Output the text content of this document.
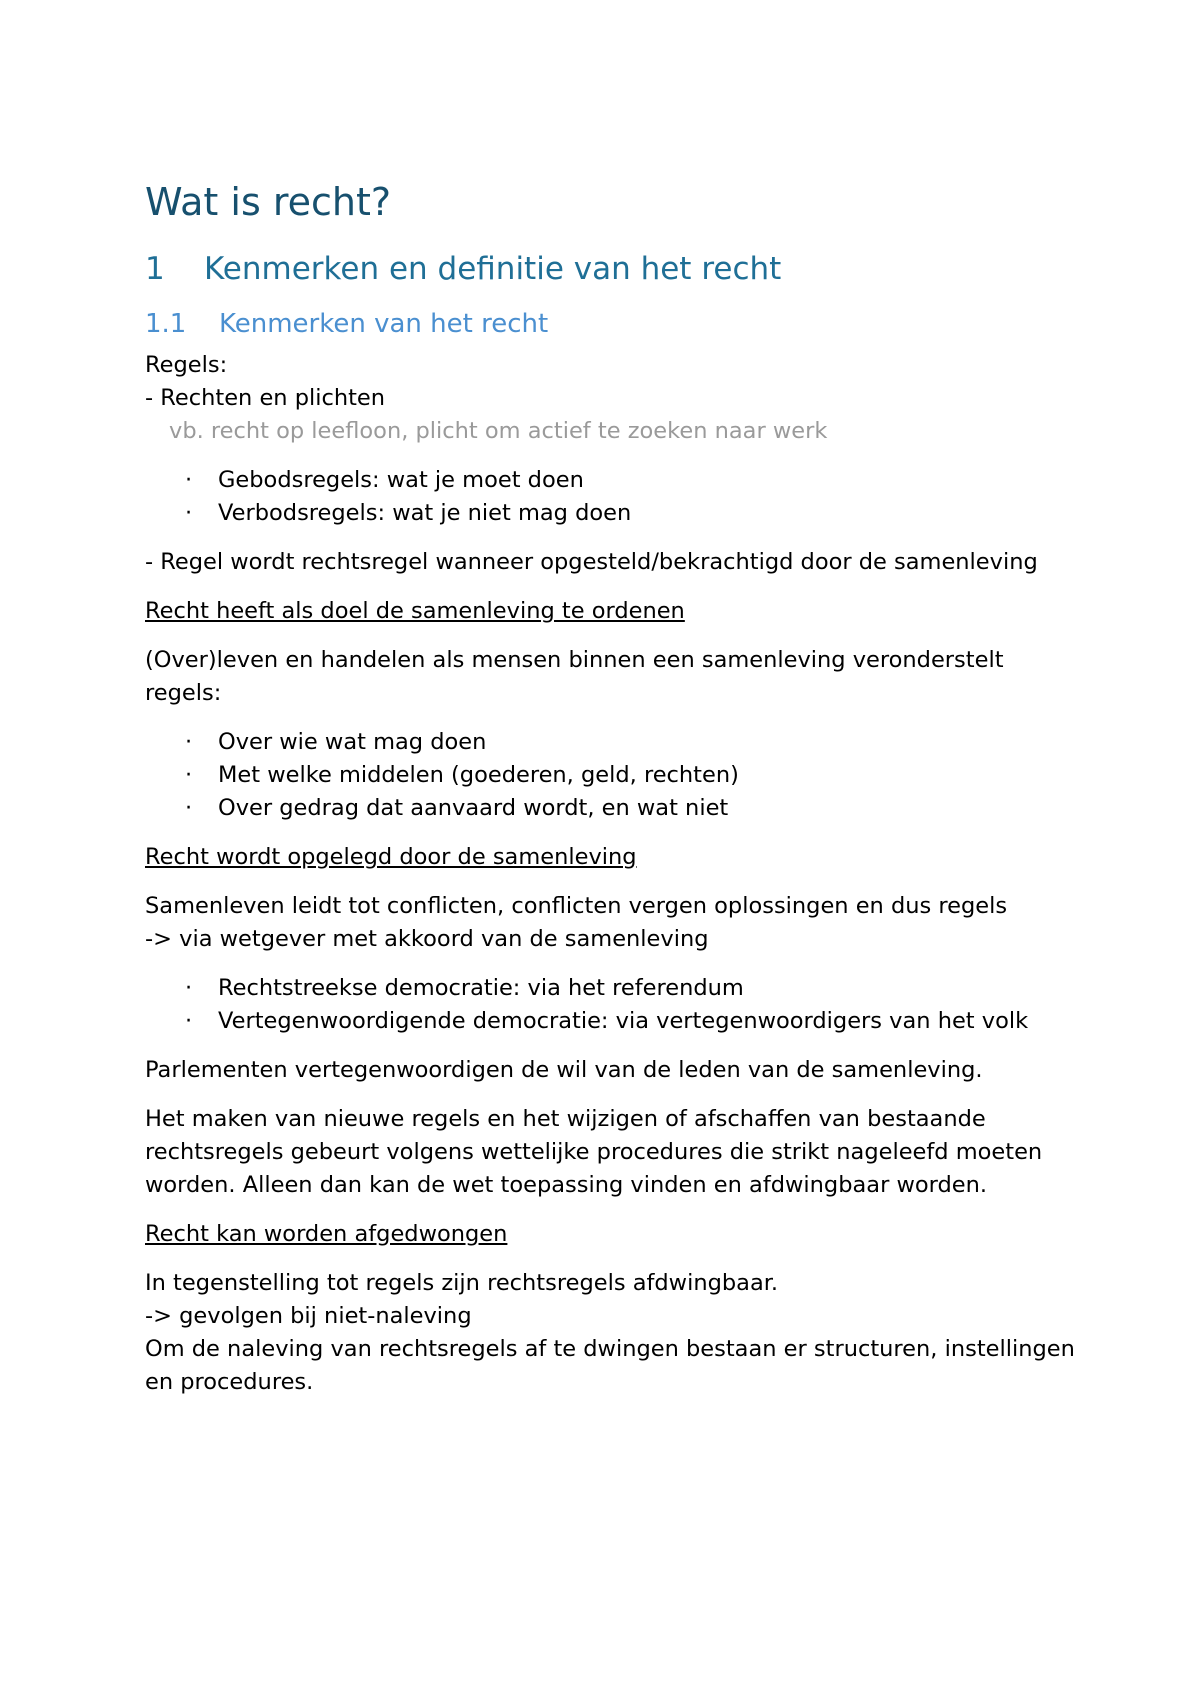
Wat is recht?
1 Kenmerken en definitie van het recht
1.1 Kenmerken van het recht
Regels:
- Rechten en plichten
vb. recht op leefloon, plicht om actief te zoeken naar werk
· Gebodsregels: wat je moet doen
· Verbodsregels: wat je niet mag doen
- Regel wordt rechtsregel wanneer opgesteld/bekrachtigd door de samenleving
Recht heeft als doel de samenleving te ordenen
(Over)leven en handelen als mensen binnen een samenleving veronderstelt regels:
· Over wie wat mag doen
· Met welke middelen (goederen, geld, rechten)
· Over gedrag dat aanvaard wordt, en wat niet
Recht wordt opgelegd door de samenleving
Samenleven leidt tot conflicten, conflicten vergen oplossingen en dus regels
-> via wetgever met akkoord van de samenleving
· Rechtstreekse democratie: via het referendum
· Vertegenwoordigende democratie: via vertegenwoordigers van het volk
Parlementen vertegenwoordigen de wil van de leden van de samenleving.
Het maken van nieuwe regels en het wijzigen of afschaffen van bestaande rechtsregels gebeurt volgens wettelijke procedures die strikt nageleefd moeten worden. Alleen dan kan de wet toepassing vinden en afdwingbaar worden.
Recht kan worden afgedwongen
In tegenstelling tot regels zijn rechtsregels afdwingbaar.
-> gevolgen bij niet-naleving
Om de naleving van rechtsregels af te dwingen bestaan er structuren, instellingen en procedures.
